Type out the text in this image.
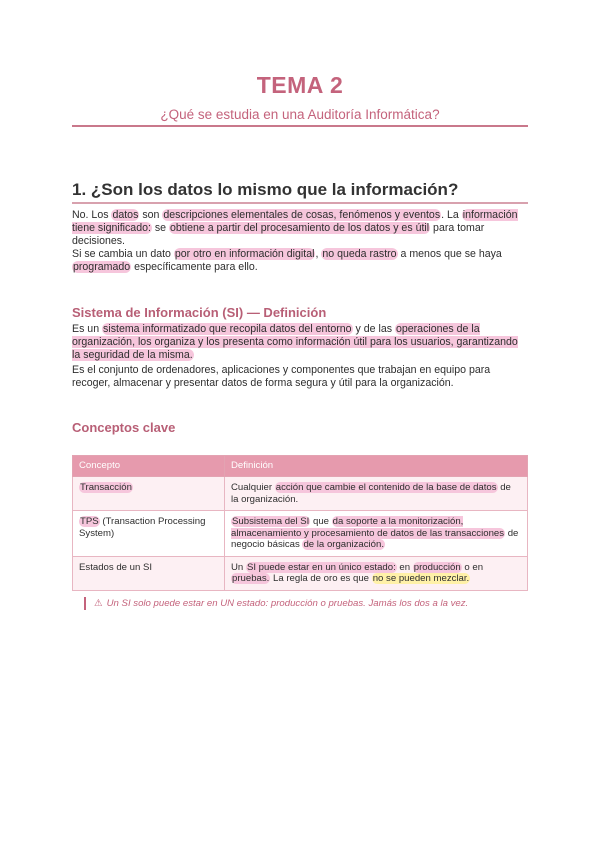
TEMA 2
¿Qué se estudia en una Auditoría Informática?
1. ¿Son los datos lo mismo que la información?

No. Los datos son descripciones elementales de cosas, fenómenos y eventos. La información tiene significado: se obtiene a partir del procesamiento de los datos y es útil para tomar decisiones.

Si se cambia un dato por otro en información digital, no queda rastro a menos que se haya programado específicamente para ello.

Sistema de Información (SI) — Definición

Es un sistema informatizado que recopila datos del entorno y de las operaciones de la organización, los organiza y los presenta como información útil para los usuarios, garantizando la seguridad de la misma.

Es el conjunto de ordenadores, aplicaciones y componentes que trabajan en equipo para recoger, almacenar y presentar datos de forma segura y útil para la organización.

Conceptos clave
Concepto	Definición
Transacción	Cualquier acción que cambie el contenido de la base de datos de la organización.
TPS (Transaction Processing System)	Subsistema del SI que da soporte a la monitorización, almacenamiento y procesamiento de datos de las transacciones de negocio básicas de la organización.
Estados de un SI	Un SI puede estar en un único estado: en producción o en pruebas. La regla de oro es que no se pueden mezclar.
⚠ Un SI solo puede estar en UN estado: producción o pruebas. Jamás los dos a la vez.
